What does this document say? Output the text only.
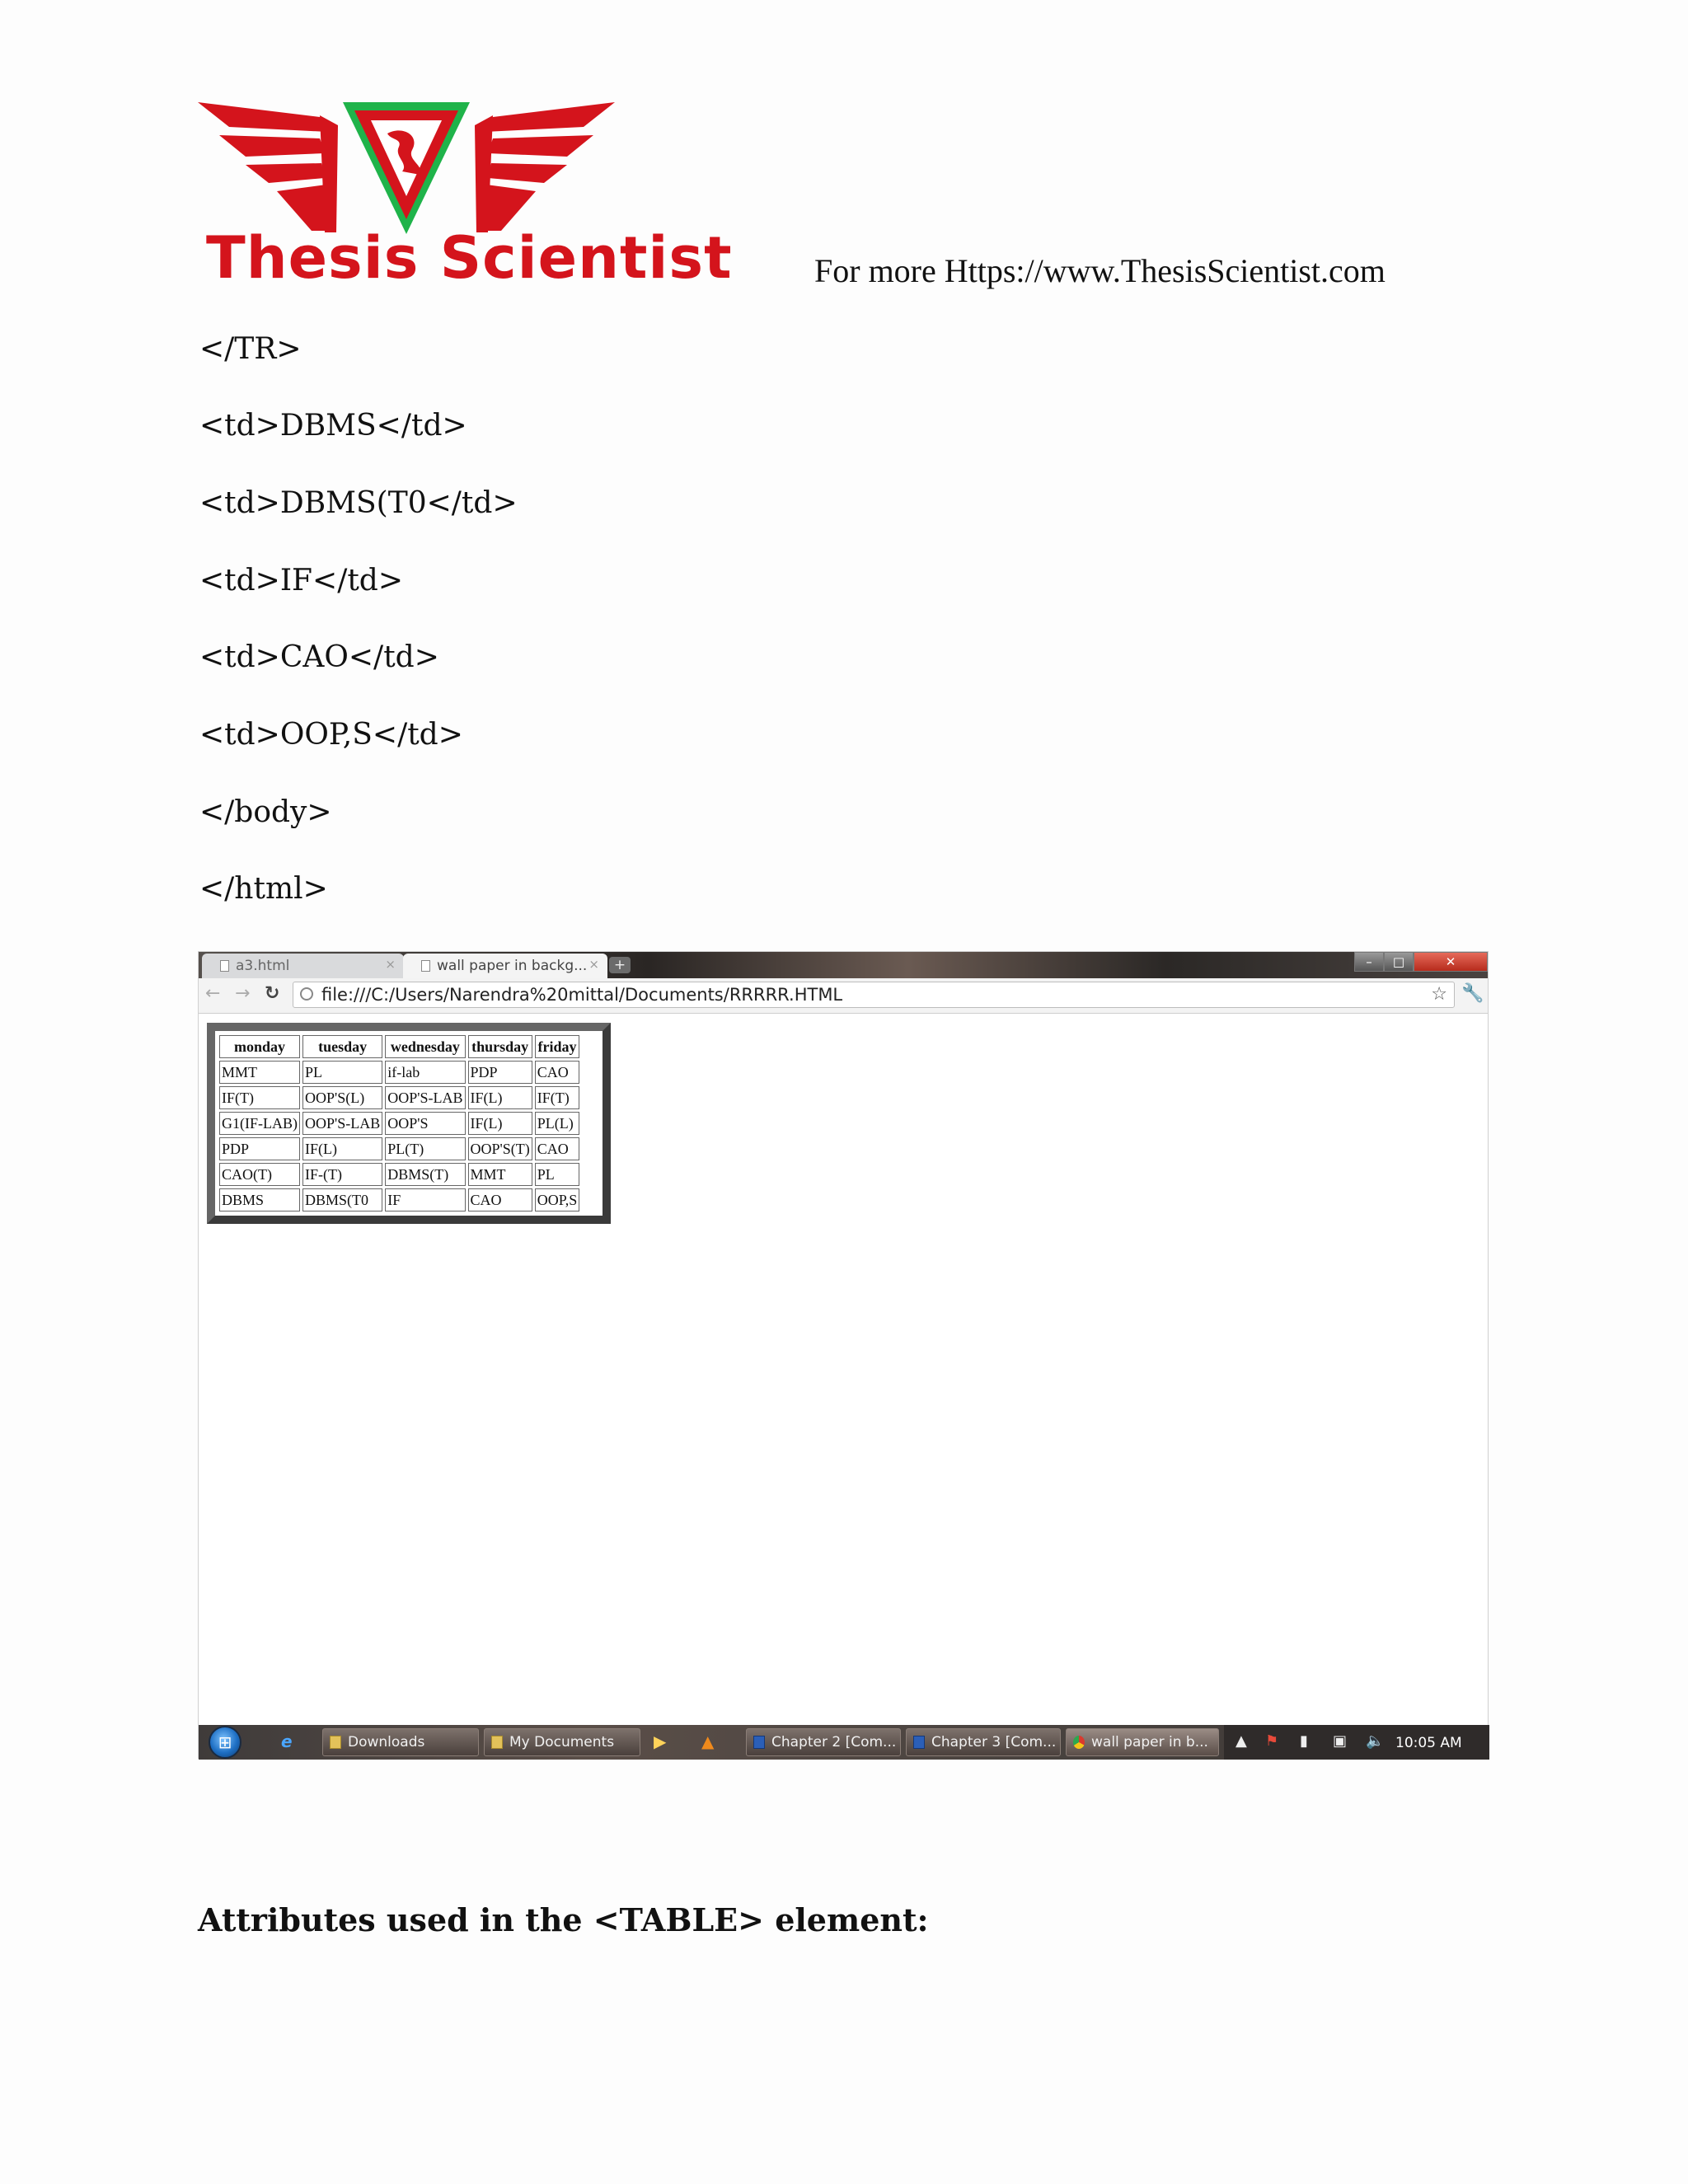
Thesis Scientist For more Https://www.ThesisScientist.com
</TR>
<td>DBMS</td>
<td>DBMS(T0</td>
<td>IF</td>
<td>CAO</td>
<td>OOP,S</td>
</body>
</html>
a3.html	×	wall paper in backg... ×	+	–	□	✕
← → ↻	file:///C:/Users/Narendra%20mittal/Documents/RRRRR.HTML	☆ 🔧
monday	tuesday	wednesday	thursday	friday
MMT	PL	if-lab	PDP	CAO
IF(T)	OOP'S(L)	OOP'S-LAB	IF(L)	IF(T)
G1(IF-LAB)	OOP'S-LAB	OOP'S	IF(L)	PL(L)
PDP	IF(L)	PL(T)	OOP'S(T)	CAO
CAO(T)	IF-(T)	DBMS(T)	MMT	PL
DBMS	DBMS(T0	IF	CAO	OOP,S
⊞	e	Downloads	My Documents ▶ ▲	Chapter 2 [Com...	Chapter 3 [Com...	wall paper in b... ▲ ⚑ ▮ ▣ 🔈 10:05 AM
Attributes used in the <TABLE> element:
